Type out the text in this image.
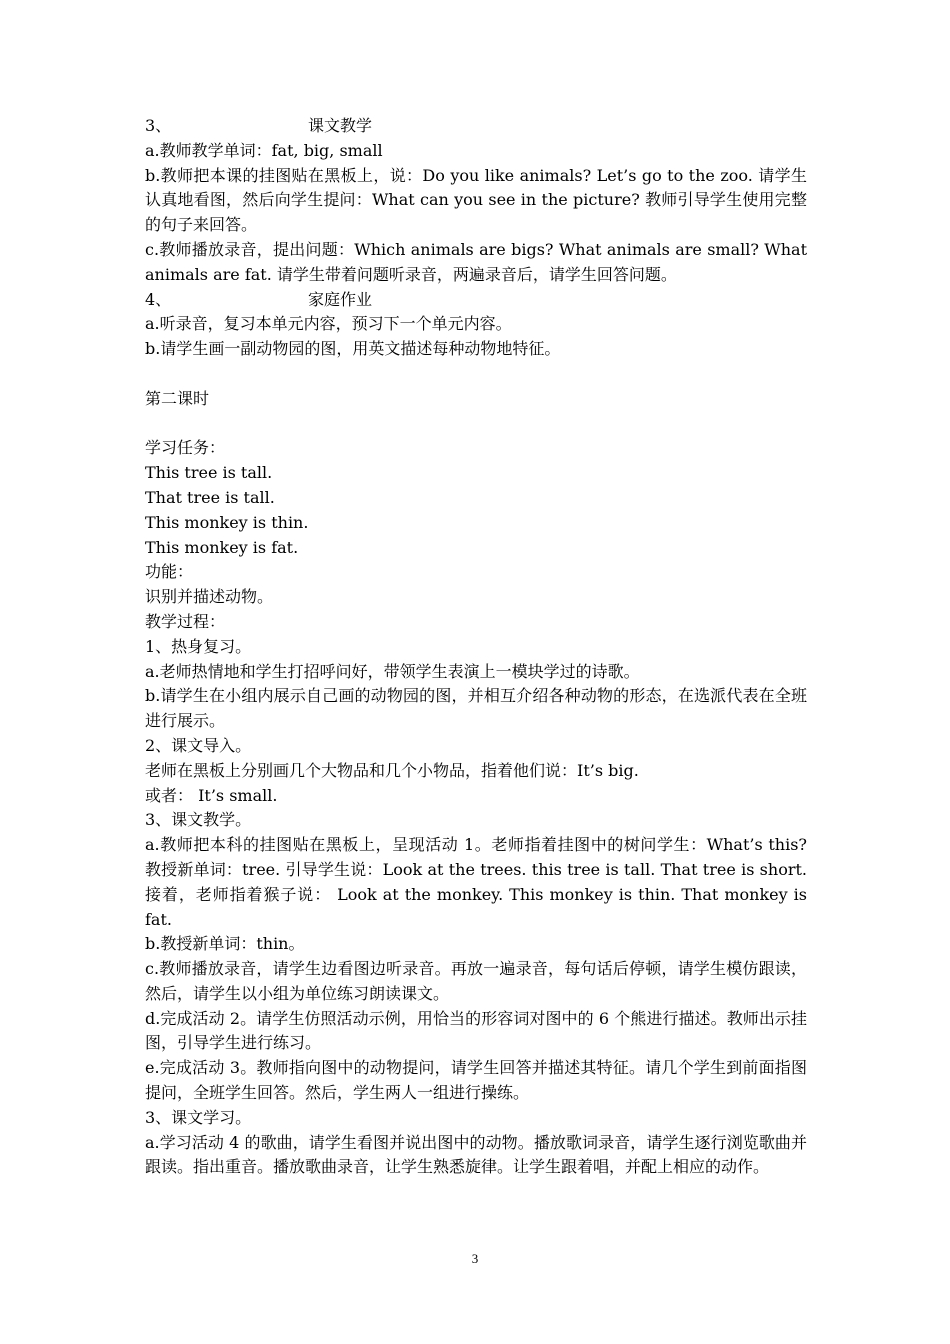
3、	课文教学

a.教师教学单词：fat, big, small

b.教师把本课的挂图贴在黑板上，说：Do you like animals? Let’s go to the zoo. 请学生认真地看图，然后向学生提问：What can you see in the picture? 教师引导学生使用完整的句子来回答。

c.教师播放录音，提出问题：Which animals are bigs? What animals are small? What animals are fat. 请学生带着问题听录音，两遍录音后，请学生回答问题。

4、	家庭作业

a.听录音，复习本单元内容，预习下一个单元内容。

b.请学生画一副动物园的图，用英文描述每种动物地特征。

第二课时

学习任务：

This tree is tall.

That tree is tall.

This monkey is thin.

This monkey is fat.

功能：

识别并描述动物。

教学过程：

1、热身复习。

a.老师热情地和学生打招呼问好，带领学生表演上一模块学过的诗歌。

b.请学生在小组内展示自己画的动物园的图，并相互介绍各种动物的形态，在选派代表在全班进行展示。

2、课文导入。

老师在黑板上分别画几个大物品和几个小物品，指着他们说：It’s big.

或者： It’s small.

3、课文教学。

a.教师把本科的挂图贴在黑板上，呈现活动 1。老师指着挂图中的树问学生：What’s this? 教授新单词：tree. 引导学生说：Look at the trees. this tree is tall. That tree is short. 接着，老师指着猴子说： Look at the monkey. This monkey is thin. That monkey is fat.

b.教授新单词：thin。

c.教师播放录音，请学生边看图边听录音。再放一遍录音，每句话后停顿，请学生模仿跟读，然后，请学生以小组为单位练习朗读课文。

d.完成活动 2。请学生仿照活动示例，用恰当的形容词对图中的 6 个熊进行描述。教师出示挂图，引导学生进行练习。

e.完成活动 3。教师指向图中的动物提问，请学生回答并描述其特征。请几个学生到前面指图提问，全班学生回答。然后，学生两人一组进行操练。

3、课文学习。

a.学习活动 4 的歌曲，请学生看图并说出图中的动物。播放歌词录音，请学生逐行浏览歌曲并跟读。指出重音。播放歌曲录音，让学生熟悉旋律。让学生跟着唱，并配上相应的动作。

3
